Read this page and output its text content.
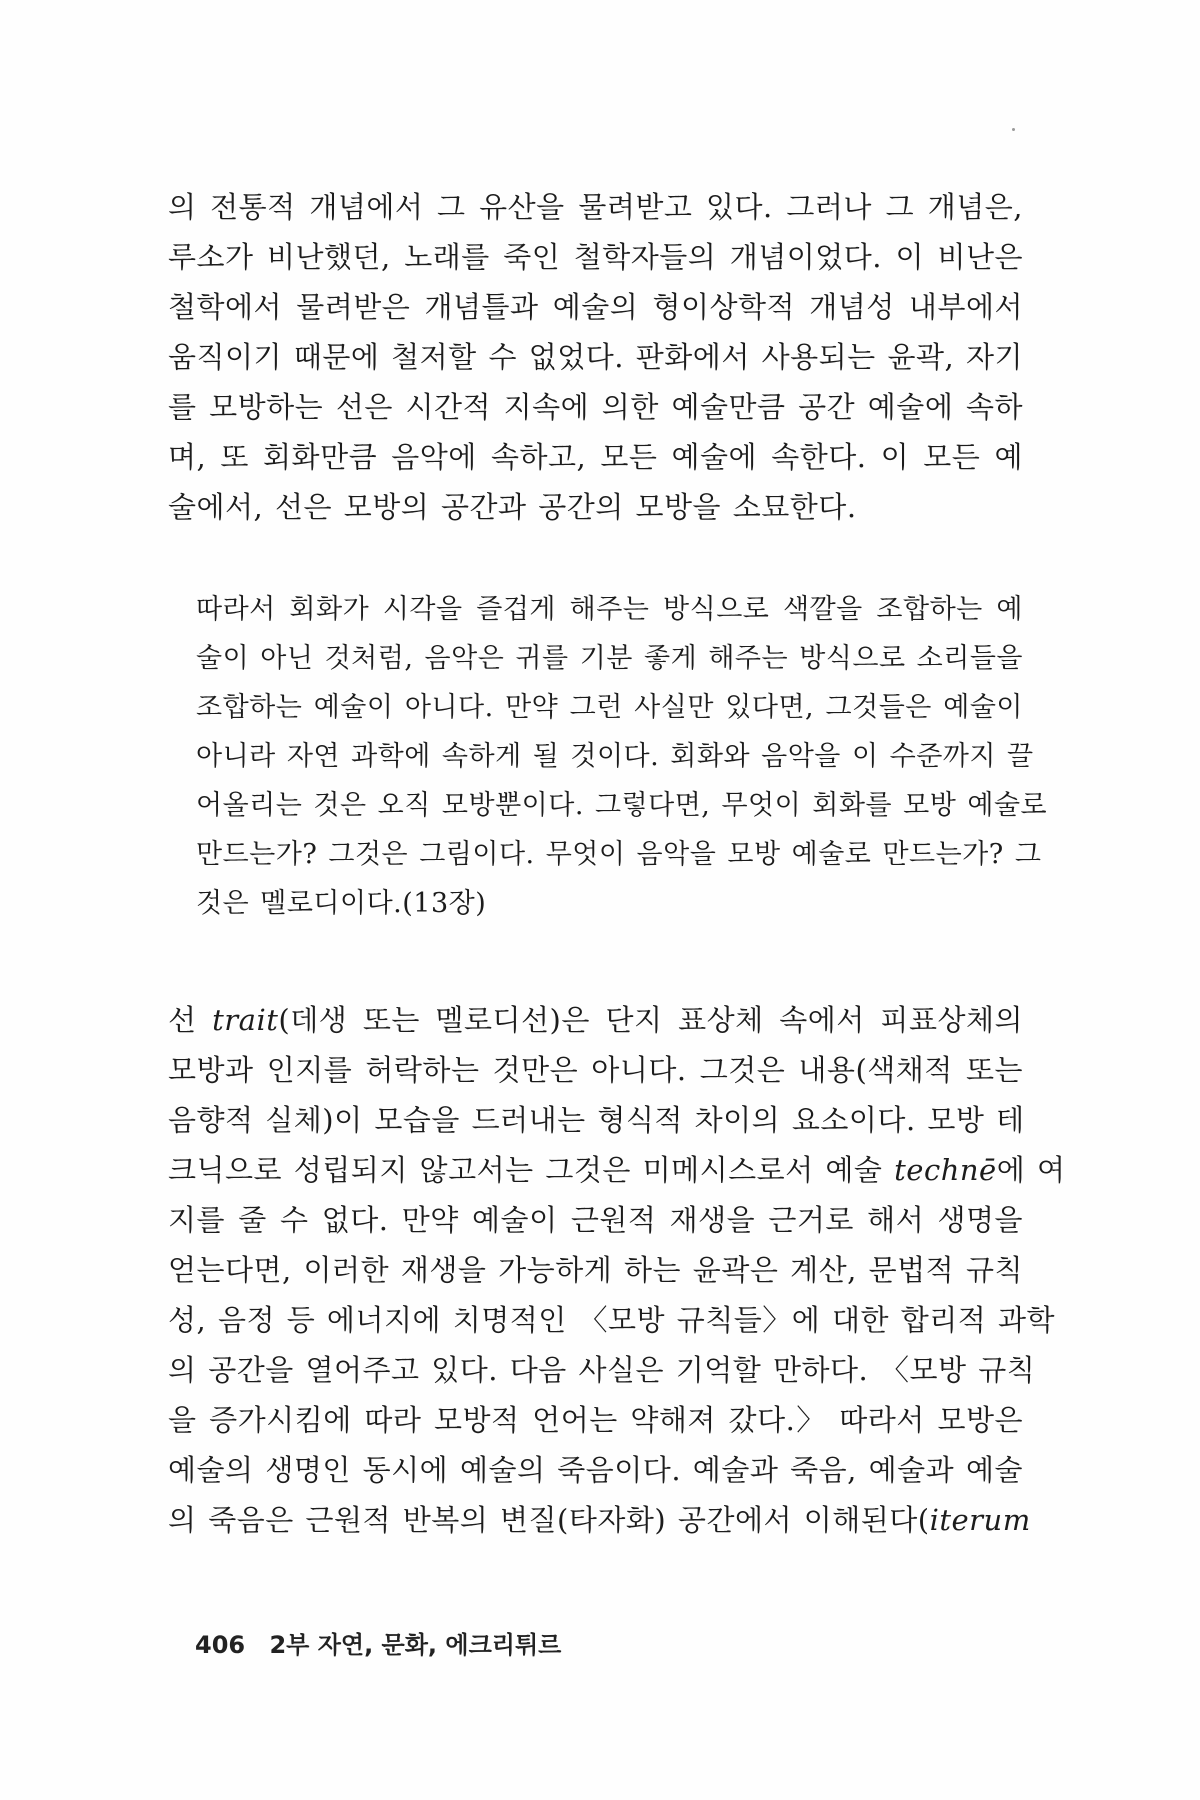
의 전통적 개념에서 그 유산을 물려받고 있다. 그러나 그 개념은,
루소가 비난했던, 노래를 죽인 철학자들의 개념이었다. 이 비난은
철학에서 물려받은 개념틀과 예술의 형이상학적 개념성 내부에서
움직이기 때문에 철저할 수 없었다. 판화에서 사용되는 윤곽, 자기
를 모방하는 선은 시간적 지속에 의한 예술만큼 공간 예술에 속하
며, 또 회화만큼 음악에 속하고, 모든 예술에 속한다. 이 모든 예
술에서, 선은 모방의 공간과 공간의 모방을 소묘한다.
따라서 회화가 시각을 즐겁게 해주는 방식으로 색깔을 조합하는 예
술이 아닌 것처럼, 음악은 귀를 기분 좋게 해주는 방식으로 소리들을
조합하는 예술이 아니다. 만약 그런 사실만 있다면, 그것들은 예술이
아니라 자연 과학에 속하게 될 것이다. 회화와 음악을 이 수준까지 끌
어올리는 것은 오직 모방뿐이다. 그렇다면, 무엇이 회화를 모방 예술로
만드는가? 그것은 그림이다. 무엇이 음악을 모방 예술로 만드는가? 그
것은 멜로디이다.(13장)
선 trait(데생 또는 멜로디선)은 단지 표상체 속에서 피표상체의
모방과 인지를 허락하는 것만은 아니다. 그것은 내용(색채적 또는
음향적 실체)이 모습을 드러내는 형식적 차이의 요소이다. 모방 테
크닉으로 성립되지 않고서는 그것은 미메시스로서 예술 technē에 여
지를 줄 수 없다. 만약 예술이 근원적 재생을 근거로 해서 생명을
얻는다면, 이러한 재생을 가능하게 하는 윤곽은 계산, 문법적 규칙
성, 음정 등 에너지에 치명적인 〈모방 규칙들〉에 대한 합리적 과학
의 공간을 열어주고 있다. 다음 사실은 기억할 만하다. 〈모방 규칙
을 증가시킴에 따라 모방적 언어는 약해져 갔다.〉 따라서 모방은
예술의 생명인 동시에 예술의 죽음이다. 예술과 죽음, 예술과 예술
의 죽음은 근원적 반복의 변질(타자화) 공간에서 이해된다(iterum
406 2부 자연, 문화, 에크리튀르
